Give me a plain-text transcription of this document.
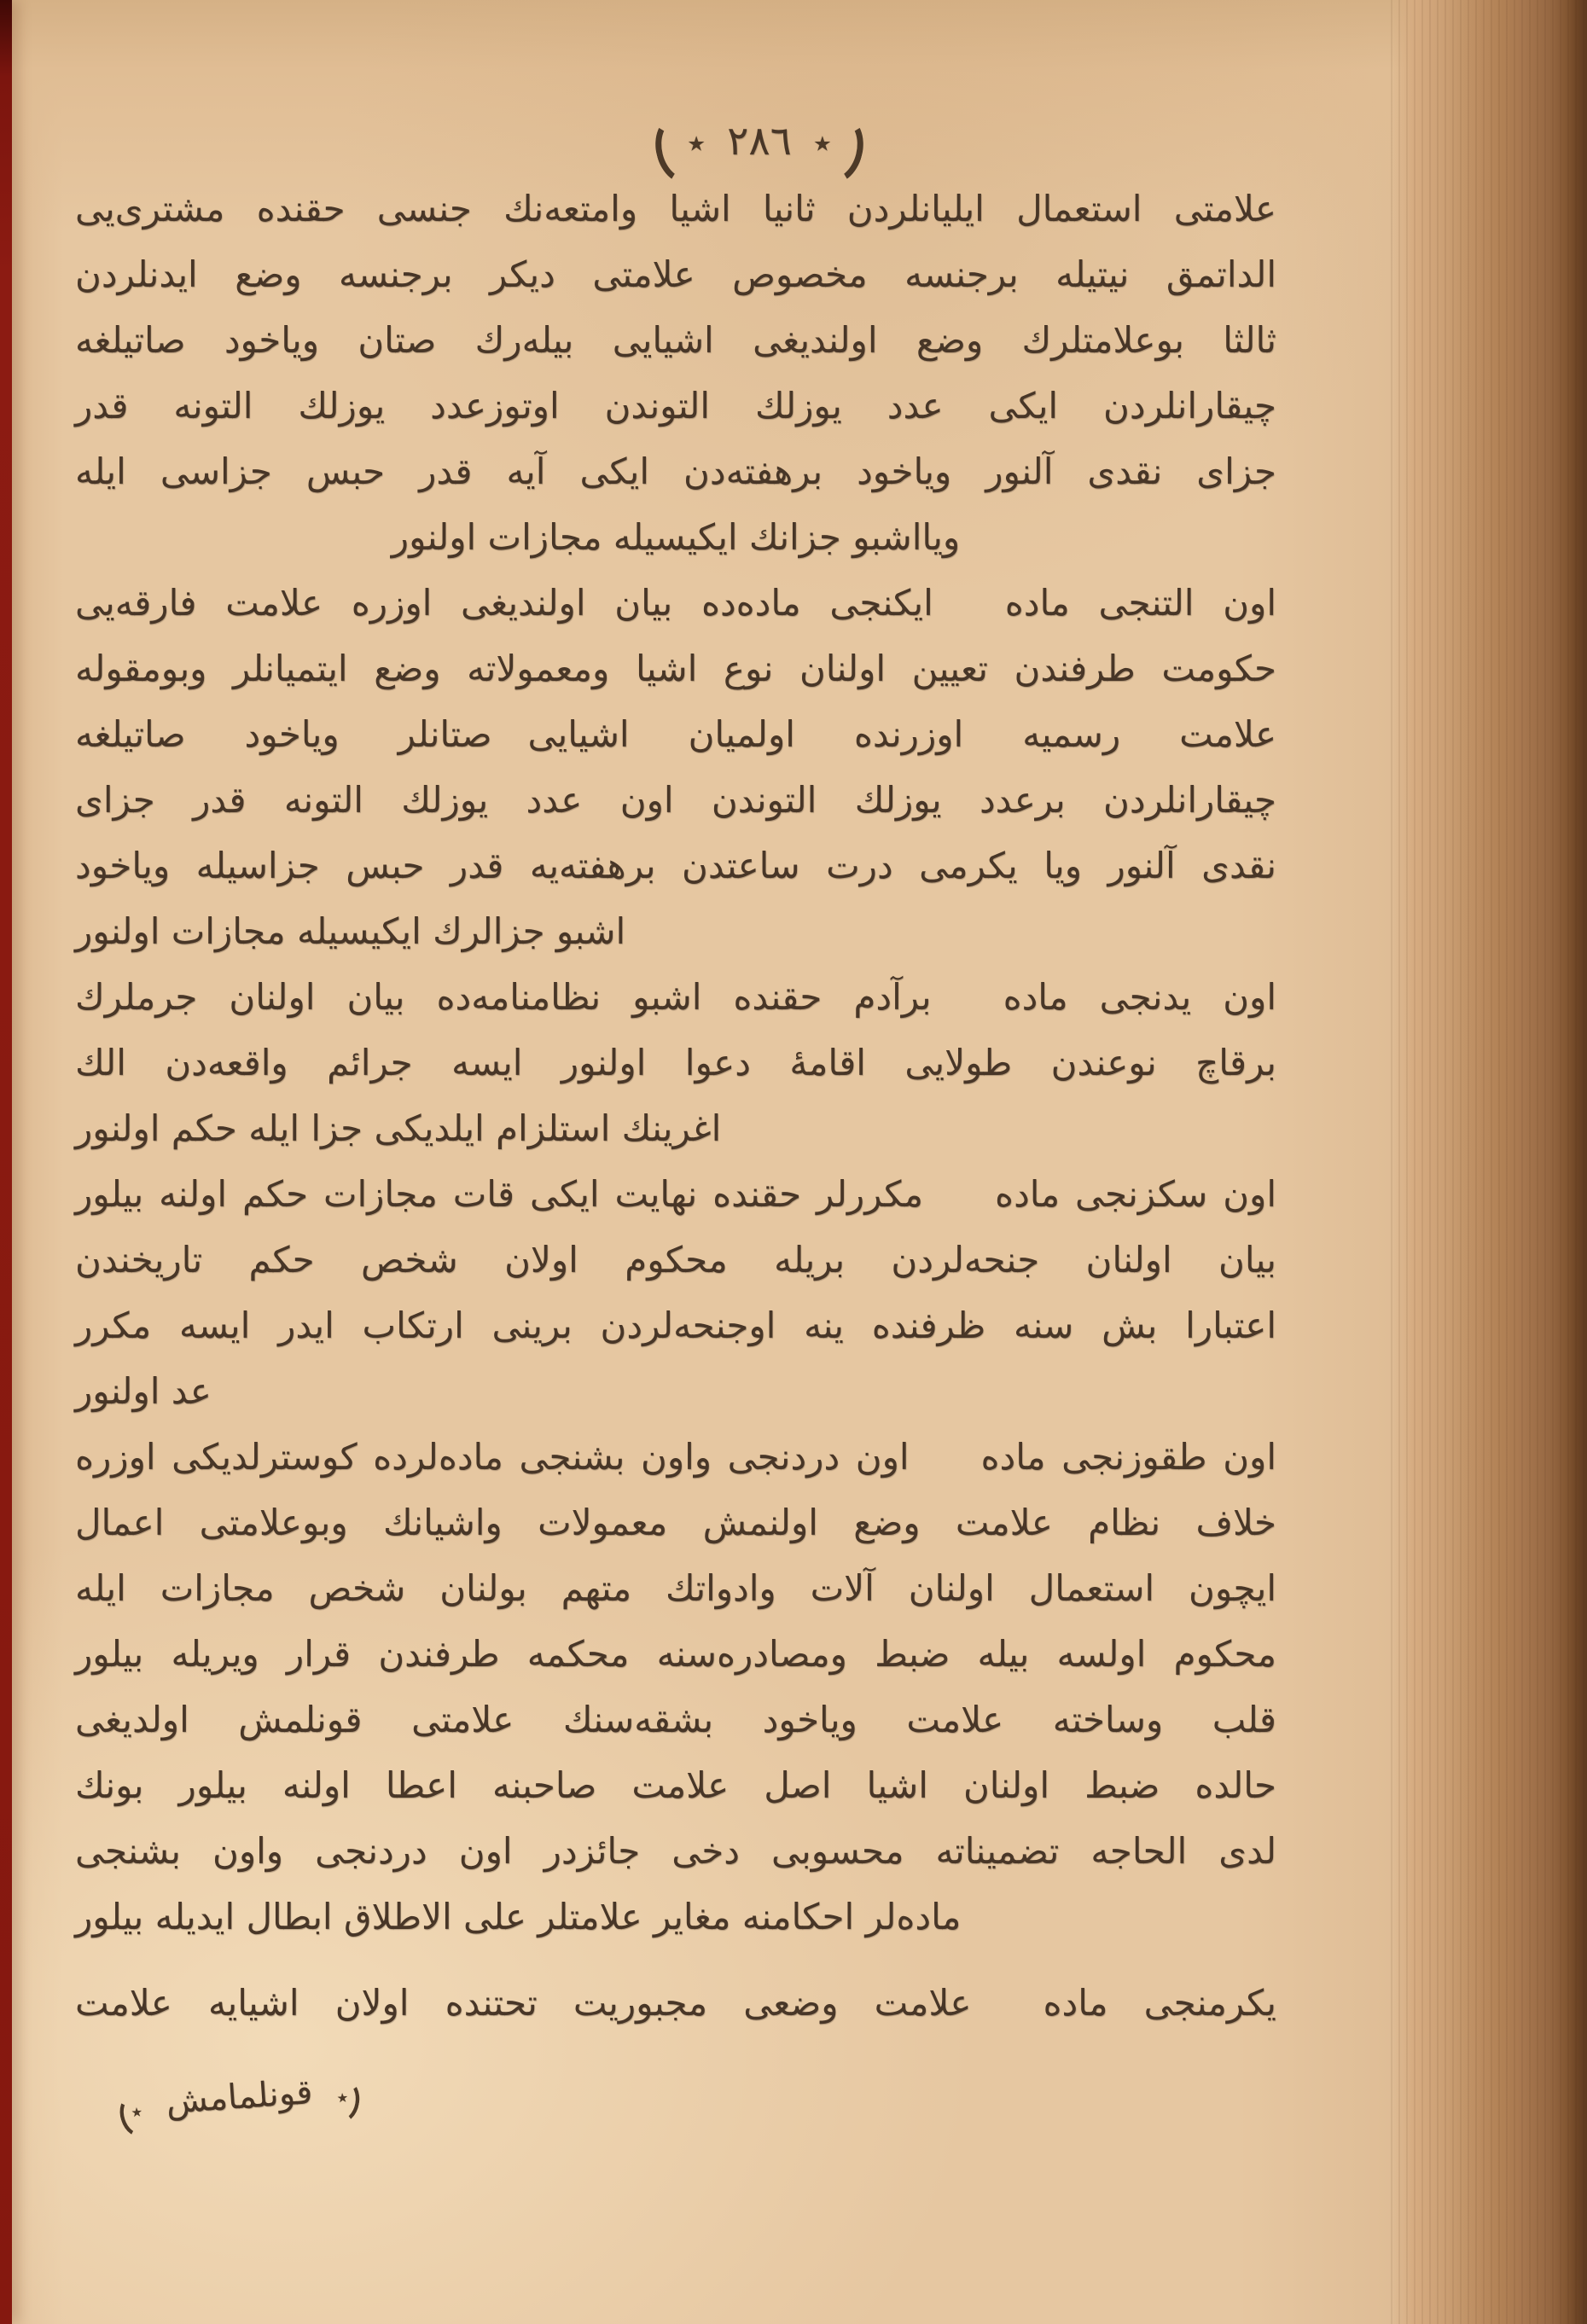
٭ ٢٨٦ ٭
علامتى استعمال ايليانلردن ثانيا اشيا وامتعه‌نك جنسى حقنده مشترى‌يى
الداتمق نيتيله برجنسه مخصوص علامتى ديكر برجنسه وضع ايدنلردن
ثالثا بوعلامتلرك وضع اولنديغى اشيايى بيله‌رك صتان وياخود صاتيلغه
چيقارانلردن ايكى عدد يوزلك التوندن اوتوزعدد يوزلك التونه قدر
جزاى نقدى آلنور وياخود برهفته‌دن ايكى آيه قدر حبس جزاسى ايله
ويااشبو جزانك ايكيسيله مجازات اولنور
اون التنجى ماده  ايكنجى ماده‌ده بيان اولنديغى اوزره علامت فارقه‌يى
حكومت طرفندن تعيين اولنان نوع اشيا ومعمولاته وضع ايتميانلر وبومقوله
علامت رسميه اوزرنده اولميان اشيايى صتانلر وياخود صاتيلغه
چيقارانلردن برعدد يوزلك التوندن اون عدد يوزلك التونه قدر جزاى
نقدى آلنور ويا يكرمى درت ساعتدن برهفته‌يه قدر حبس جزاسيله وياخود
اشبو جزالرك ايكيسيله مجازات اولنور
اون يدنجى ماده  برآدم حقنده اشبو نظامنامه‌ده بيان اولنان جرملرك
برقاچ نوعندن طولايى اقامهٔ دعوا اولنور ايسه جرائم واقعه‌دن الك
اغرينك استلزام ايلديكى جزا ايله حكم اولنور
اون سكزنجى ماده  مكررلر حقنده نهايت ايكى قات مجازات حكم اولنه بيلور
بيان اولنان جنحه‌لردن بريله محكوم اولان شخص حكم تاريخندن
اعتبارا بش سنه ظرفنده ينه اوجنحه‌لردن برينى ارتكاب ايدر ايسه مكرر
عد اولنور
اون طقوزنجى ماده  اون دردنجى واون بشنجى ماده‌لرده كوسترلديكى اوزره
خلاف نظام علامت وضع اولنمش معمولات واشيانك وبوعلامتى اعمال
ايچون استعمال اولنان آلات وادواتك متهم بولنان شخص مجازات ايله
محكوم اولسه بيله ضبط ومصادره‌سنه محكمه طرفندن قرار ويريله بيلور
قلب وساخته علامت وياخود بشقه‌سنك علامتى قونلمش اولديغى
حالده ضبط اولنان اشيا اصل علامت صاحبنه اعطا اولنه بيلور بونك
لدى الحاجه تضميناته محسوبى دخى جائزدر اون دردنجى واون بشنجى
ماده‌لر احكامنه مغاير علامتلر على الاطلاق ابطال ايديله بيلور
يكرمنجى ماده  علامت وضعى مجبوريت تحتنده اولان اشيايه علامت
٭ قونلمامش ٭
